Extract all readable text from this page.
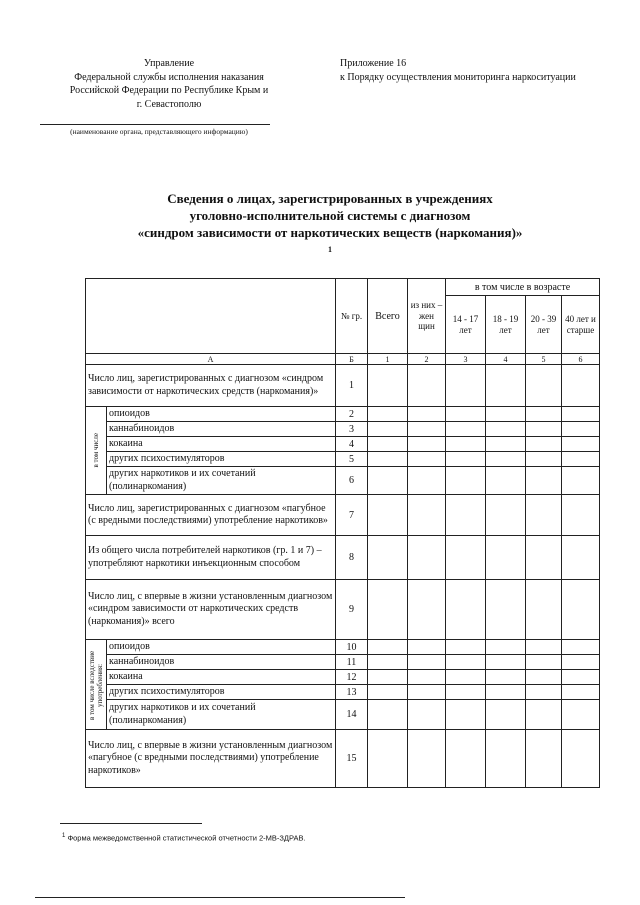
Управление
Федеральной службы исполнения наказания
Российской Федерации по Республике Крым и
г. Севастополю
(наименование органа, представляющего информацию)
Приложение 16
к Порядку осуществления мониторинга наркоситуации
Сведения о лицах, зарегистрированных в учреждениях
уголовно-исполнительной системы с диагнозом
«синдром зависимости от наркотических веществ (наркомания)»
$^1$
		№ гр.	Всего	из них – жен щин	в том числе в возрасте			
					14 - 17 лет	18 - 19 лет	20 - 39 лет	40 лет и старше
А		Б	1	2	3	4	5	6
Число лиц, зарегистрированных с диагнозом «синдром зависимости от наркотических средств (наркомания)»		1						

в том числе	опиоидов	2						
	каннабиноидов	3						
	кокаина	4						
	других психостимуляторов	5						
	других наркотиков и их сочетаний (полинаркомания)	6						
Число лиц, зарегистрированных с диагнозом «пагубное (с вредными последствиями) употребление наркотиков»		7						
Из общего числа потребителей наркотиков (гр. 1 и 7) – употребляют наркотики инъекционным способом		8						
Число лиц, с впервые в жизни установленным диагнозом «синдром зависимости от наркотических средств (наркомания)» всего		9						

в том числе вследствие употребления:	опиоидов	10						
	каннабиноидов	11						
	кокаина	12						
	других психостимуляторов	13						
	других наркотиков и их сочетаний (полинаркомания)	14						
Число лиц, с впервые в жизни установленным диагнозом «пагубное (с вредными последствиями) употребление наркотиков»		15						
$^1$ Форма межведомственной статистической отчетности 2-МВ-ЗДРАВ.
